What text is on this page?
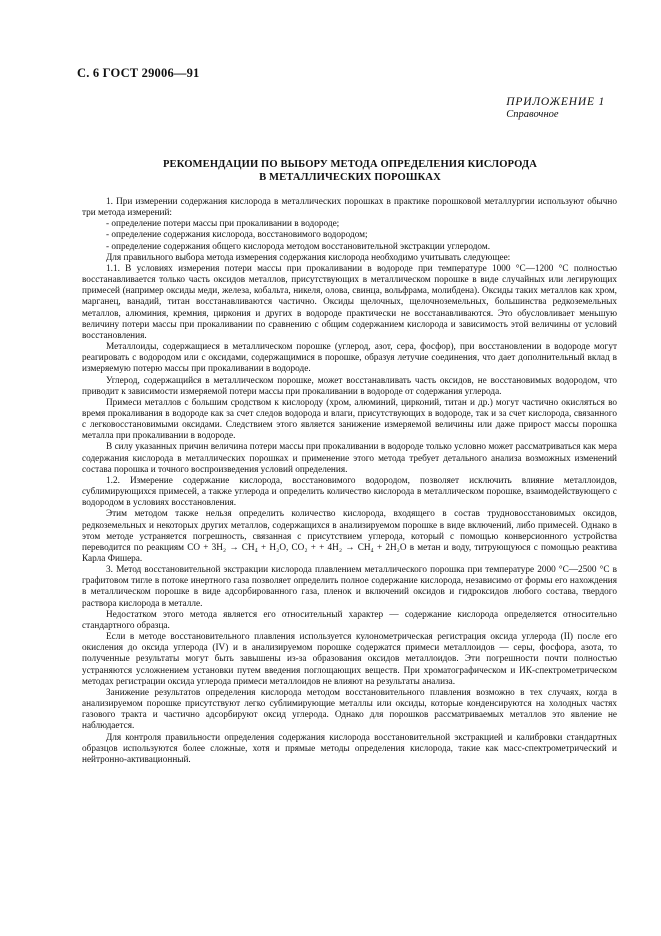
С. 6 ГОСТ 29006—91
ПРИЛОЖЕНИЕ 1
Справочное
РЕКОМЕНДАЦИИ ПО ВЫБОРУ МЕТОДА ОПРЕДЕЛЕНИЯ КИСЛОРОДА
В МЕТАЛЛИЧЕСКИХ ПОРОШКАХ

1. При измерении содержания кислорода в металлических порошках в практике порошковой металлургии используют обычно три метода измерений:

- определение потери массы при прокаливании в водороде;

- определение содержания кислорода, восстановимого водородом;

- определение содержания общего кислорода методом восстановительной экстракции углеродом.

Для правильного выбора метода измерения содержания кислорода необходимо учитывать следующее:

1.1. В условиях измерения потери массы при прокаливании в водороде при температуре 1000 °С—1200 °С полностью восстанавливается только часть оксидов металлов, присутствующих в металлическом порошке в виде случайных или легирующих примесей (например оксиды меди, железа, кобальта, никеля, олова, свинца, вольфрама, молибдена). Оксиды таких металлов как хром, марганец, ванадий, титан восстанавливаются частично. Оксиды щелочных, щелочноземельных, большинства редкоземельных металлов, алюминия, кремния, циркония и других в водороде практически не восстанавливаются. Это обусловливает меньшую величину потери массы при прокаливании по сравнению с общим содержанием кислорода и зависимость этой величины от условий восстановления.

Металлоиды, содержащиеся в металлическом порошке (углерод, азот, сера, фосфор), при восстановлении в водороде могут реагировать с водородом или с оксидами, содержащимися в порошке, образуя летучие соединения, что дает дополнительный вклад в измеряемую потерю массы при прокаливании в водороде.

Углерод, содержащийся в металлическом порошке, может восстанавливать часть оксидов, не восстановимых водородом, что приводит к зависимости измеряемой потери массы при прокаливании в водороде от содержания углерода.

Примеси металлов с большим сродством к кислороду (хром, алюминий, цирконий, титан и др.) могут частично окисляться во время прокаливания в водороде как за счет следов водорода и влаги, присутствующих в водороде, так и за счет кислорода, связанного с легковосстановимыми оксидами. Следствием этого является занижение измеряемой величины или даже прирост массы порошка металла при прокаливании в водороде.

В силу указанных причин величина потери массы при прокаливании в водороде только условно может рассматриваться как мера содержания кислорода в металлических порошках и применение этого метода требует детального анализа возможных изменений состава порошка и точного воспроизведения условий определения.

1.2. Измерение содержание кислорода, восстановимого водородом, позволяет исключить влияние металлоидов, сублимирующихся примесей, а также углерода и определить количество кислорода в металлическом порошке, взаимодействующего с водородом в условиях восстановления.

Этим методом также нельзя определить количество кислорода, входящего в состав трудновосстановимых оксидов, редкоземельных и некоторых других металлов, содержащихся в анализируемом порошке в виде включений, либо примесей. Однако в этом методе устраняется погрешность, связанная с присутствием углерода, который с помощью конверсионного устройства переводится по реакциям CO + 3H₂ → CH₄ + H₂O, CO₂ + + 4H₂ → CH₄ + 2H₂O в метан и воду, титрующуюся с помощью реактива Карла Фишера.

3. Метод восстановительной экстракции кислорода плавлением металлического порошка при температуре 2000 °С—2500 °С в графитовом тигле в потоке инертного газа позволяет определить полное содержание кислорода, независимо от формы его нахождения в металлическом порошке в виде адсорбированного газа, пленок и включений оксидов и гидроксидов любого состава, твердого раствора кислорода в металле.

Недостатком этого метода является его относительный характер — содержание кислорода определяется относительно стандартного образца.

Если в методе восстановительного плавления используется кулонометрическая регистрация оксида углерода (II) после его окисления до оксида углерода (IV) и в анализируемом порошке содержатся примеси металлоидов — серы, фосфора, азота, то полученные результаты могут быть завышены из-за образования оксидов металлоидов. Эти погрешности почти полностью устраняются усложнением установки путем введения поглощающих веществ. При хроматографическом и ИК-спектрометрическом методах регистрации оксида углерода примеси металлоидов не влияют на результаты анализа.

Занижение результатов определения кислорода методом восстановительного плавления возможно в тех случаях, когда в анализируемом порошке присутствуют легко сублимирующие металлы или оксиды, которые конденсируются на холодных частях газового тракта и частично адсорбируют оксид углерода. Однако для порошков рассматриваемых металлов это явление не наблюдается.

Для контроля правильности определения содержания кислорода восстановительной экстракцией и калибровки стандартных образцов используются более сложные, хотя и прямые методы определения кислорода, такие как масс-спектрометрический и нейтронно-активационный.
